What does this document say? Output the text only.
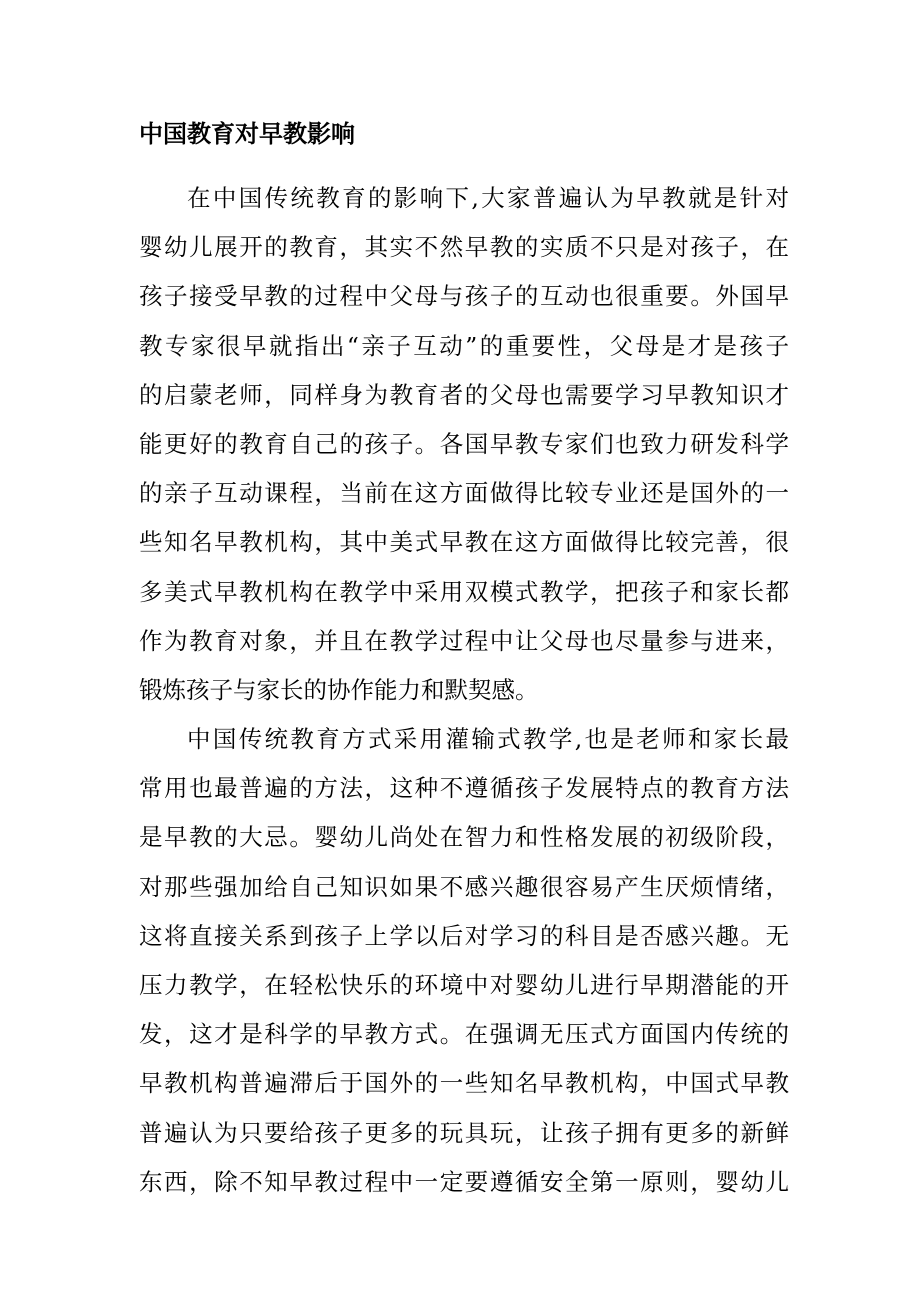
中国教育对早教影响
在中国传统教育的影响下,大家普遍认为早教就是针对
婴幼儿展开的教育，其实不然早教的实质不只是对孩子，在
孩子接受早教的过程中父母与孩子的互动也很重要。外国早
教专家很早就指出“亲子互动”的重要性，父母是才是孩子
的启蒙老师，同样身为教育者的父母也需要学习早教知识才
能更好的教育自己的孩子。各国早教专家们也致力研发科学
的亲子互动课程，当前在这方面做得比较专业还是国外的一
些知名早教机构，其中美式早教在这方面做得比较完善，很
多美式早教机构在教学中采用双模式教学，把孩子和家长都
作为教育对象，并且在教学过程中让父母也尽量参与进来，
锻炼孩子与家长的协作能力和默契感。
中国传统教育方式采用灌输式教学,也是老师和家长最
常用也最普遍的方法，这种不遵循孩子发展特点的教育方法
是早教的大忌。婴幼儿尚处在智力和性格发展的初级阶段，
对那些强加给自己知识如果不感兴趣很容易产生厌烦情绪，
这将直接关系到孩子上学以后对学习的科目是否感兴趣。无
压力教学，在轻松快乐的环境中对婴幼儿进行早期潜能的开
发，这才是科学的早教方式。在强调无压式方面国内传统的
早教机构普遍滞后于国外的一些知名早教机构，中国式早教
普遍认为只要给孩子更多的玩具玩，让孩子拥有更多的新鲜
东西，除不知早教过程中一定要遵循安全第一原则，婴幼儿
